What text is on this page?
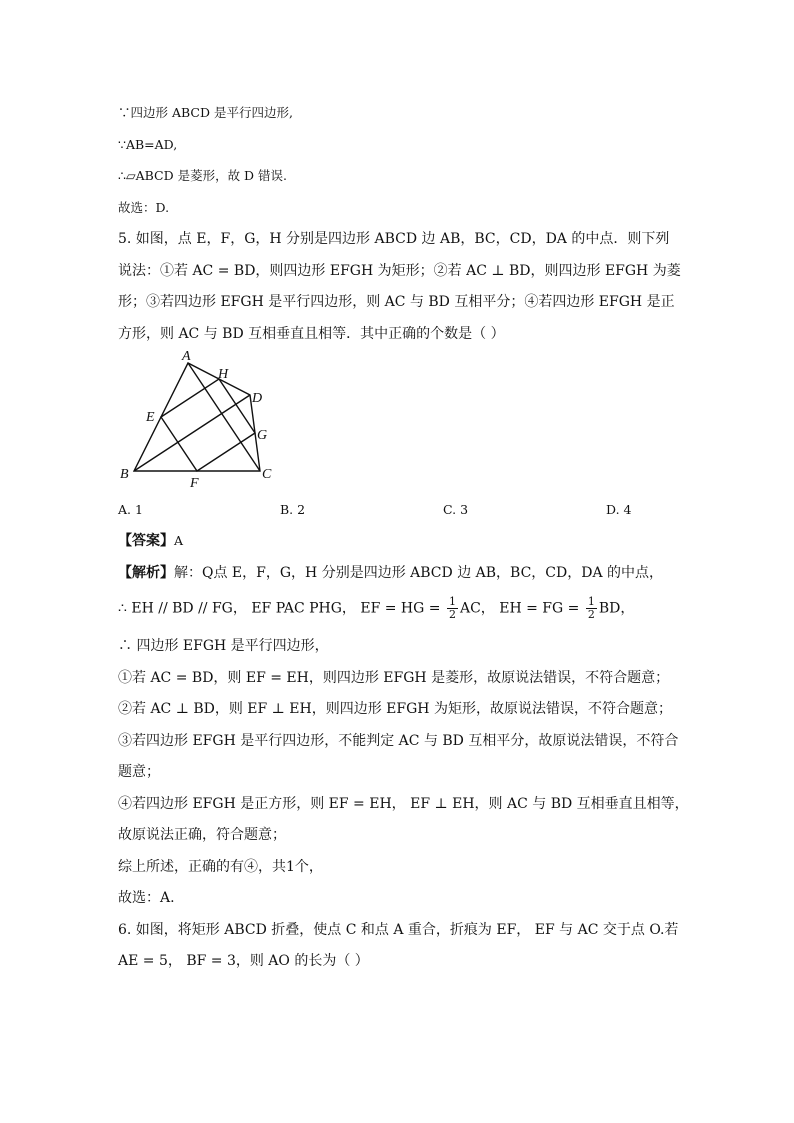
∵四边形 ABCD 是平行四边形,
∵AB=AD,
∴▱ABCD 是菱形，故 D 错误.
故选：D.
5. 如图，点 E，F，G，H 分别是四边形 ABCD 边 AB，BC，CD，DA 的中点．则下列
说法：①若 AC = BD，则四边形 EFGH 为矩形；②若 AC ⊥ BD，则四边形 EFGH 为菱
形；③若四边形 EFGH 是平行四边形，则 AC 与 BD 互相平分；④若四边形 EFGH 是正
方形，则 AC 与 BD 互相垂直且相等．其中正确的个数是（ ）
A
B	C
D
E
F
G
H
A. 1	B. 2	C. 3	D. 4
【答案】A
【解析】解：Q点 E，F，G，H 分别是四边形 ABCD 边 AB，BC，CD，DA 的中点，
∴ EH // BD // FG， EF PAC PHG， EF = HG = $\frac{1}{2}$ AC， EH = FG = $\frac{1}{2}$ BD，
∴ 四边形 EFGH 是平行四边形，
①若 AC = BD，则 EF = EH，则四边形 EFGH 是菱形，故原说法错误，不符合题意；
②若 AC ⊥ BD，则 EF ⊥ EH，则四边形 EFGH 为矩形，故原说法错误，不符合题意；
③若四边形 EFGH 是平行四边形，不能判定 AC 与 BD 互相平分，故原说法错误，不符合
题意；
④若四边形 EFGH 是正方形，则 EF = EH， EF ⊥ EH，则 AC 与 BD 互相垂直且相等，
故原说法正确，符合题意；
综上所述，正确的有④，共1个，
故选：A.
6. 如图，将矩形 ABCD 折叠，使点 C 和点 A 重合，折痕为 EF， EF 与 AC 交于点 O.若
AE = 5， BF = 3，则 AO 的长为（ ）
